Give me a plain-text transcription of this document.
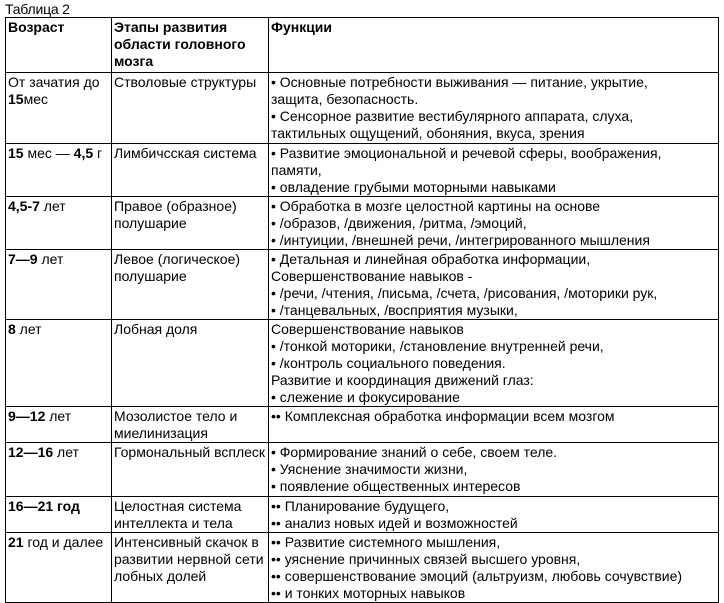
Таблица 2
Возраст	Этапы развития области головного мозга	Функции
От зачатия до 15мес	Стволовые структуры	• Основные потребности выживания — питание, укрытие,
защита, безопасность.
• Сенсорное развитие вестибулярного аппарата, слуха,
тактильных ощущений, обоняния, вкуса, зрения

15 мес — 4,5 г	Лимбичсская система	• Развитие эмоциональной и речевой сферы, воображения,
памяти,
• овладение грубыми моторными навыками

4,5-7 лет	Правое (образное) полушарие	• Обработка в мозге целостной картины на основе
• /образов, /движения, /ритма, /эмоций,
• /интуиции, /внешней речи, /интегрированного мышления

7—9 лет	Левое (логическое) полушарие	• Детальная и линейная обработка информации,
Совершенствование навыков -
• /речи, /чтения, /письма, /счета, /рисования, /моторики рук,
• /танцевальных, /восприятия музыки,

8 лет	Лобная доля	Совершенствование навыков
• /тонкой моторики, /становление внутренней речи,
• /контроль социального поведения.
Развитие и координация движений глаз:
• слежение и фокусирование

9—12 лет	Мозолистое тело и миелинизация	•• Комплексная обработка информации всем мозгом

12—16 лет	Гормональный всплеск	• Формирование знаний о себе, своем теле.
• Уяснение значимости жизни,
• появление общественных интересов

16—21 год	Целостная система интеллекта и тела	•• Планирование будущего,
•• анализ новых идей и возможностей

21 год и далее	Интенсивный скачок в развитии нервной сети лобных долей	•• Развитие системного мышления,
•• уяснение причинных связей высшего уровня,
•• совершенствование эмоций (альтруизм, любовь сочувствие)
•• и тонких моторных навыков
